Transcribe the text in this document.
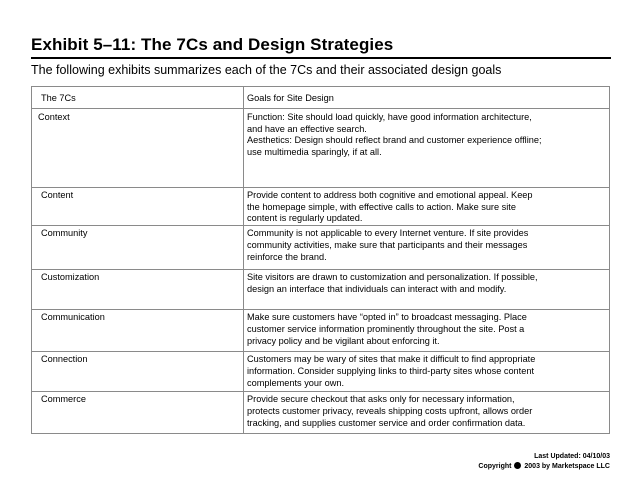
Exhibit 5–11: The 7Cs and Design Strategies
The following exhibits summarizes each of the 7Cs and their associated design goals
The 7Cs	Goals for Site Design
Context	Function: Site should load quickly, have good information architecture,
and have an effective search.
Aesthetics: Design should reflect brand and customer experience offline;
use multimedia sparingly, if at all.

Content	Provide content to address both cognitive and emotional appeal. Keep
the homepage simple, with effective calls to action. Make sure site
content is regularly updated.

Community	Community is not applicable to every Internet venture. If site provides
community activities, make sure that participants and their messages
reinforce the brand.

Customization	Site visitors are drawn to customization and personalization. If possible,
design an interface that individuals can interact with and modify.

Communication	Make sure customers have “opted in” to broadcast messaging. Place
customer service information prominently throughout the site. Post a
privacy policy and be vigilant about enforcing it.

Connection	Customers may be wary of sites that make it difficult to find appropriate
information. Consider supplying links to third-party sites whose content
complements your own.

Commerce	Provide secure checkout that asks only for necessary information,
protects customer privacy, reveals shipping costs upfront, allows order
tracking, and supplies customer service and order confirmation data.
Last Updated: 04/10/03
Copyright 2003 by Marketspace LLC
